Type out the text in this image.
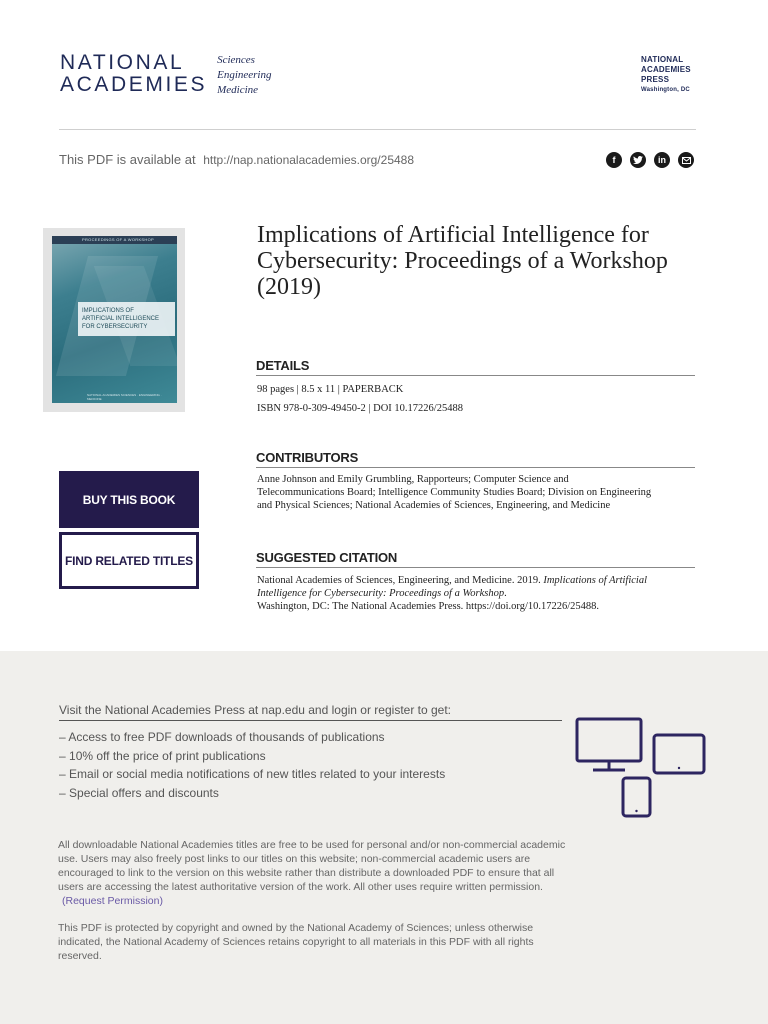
NATIONAL
ACADEMIES
Sciences
Engineering
Medicine
NATIONAL
ACADEMIES
PRESS
Washington, DC
This PDF is available at http://nap.nationalacademies.org/25488	f	in
PROCEEDINGS OF A WORKSHOP
IMPLICATIONS OF
ARTIFICIAL INTELLIGENCE
FOR CYBERSECURITY
NATIONAL ACADEMIES SCIENCES · ENGINEERING · MEDICINE
BUY THIS BOOK
FIND RELATED TITLES
Implications of Artificial Intelligence for Cybersecurity: Proceedings of a Workshop (2019)
DETAILS
98 pages | 8.5 x 11 | PAPERBACK
ISBN 978-0-309-49450-2 | DOI 10.17226/25488
CONTRIBUTORS
Anne Johnson and Emily Grumbling, Rapporteurs; Computer Science and Telecommunications Board; Intelligence Community Studies Board; Division on Engineering and Physical Sciences; National Academies of Sciences, Engineering, and Medicine
SUGGESTED CITATION
National Academies of Sciences, Engineering, and Medicine. 2019. Implications of Artificial Intelligence for Cybersecurity: Proceedings of a Workshop.
Washington, DC: The National Academies Press. https://doi.org/10.17226/25488.
Visit the National Academies Press at nap.edu and login or register to get:
– Access to free PDF downloads of thousands of publications
– 10% off the price of print publications
– Email or social media notifications of new titles related to your interests
– Special offers and discounts
All downloadable National Academies titles are free to be used for personal and/or non-commercial academic use. Users may also freely post links to our titles on this website; non-commercial academic users are encouraged to link to the version on this website rather than distribute a downloaded PDF to ensure that all users are accessing the latest authoritative version of the work. All other uses require written permission. (Request Permission)
This PDF is protected by copyright and owned by the National Academy of Sciences; unless otherwise indicated, the National Academy of Sciences retains copyright to all materials in this PDF with all rights reserved.
